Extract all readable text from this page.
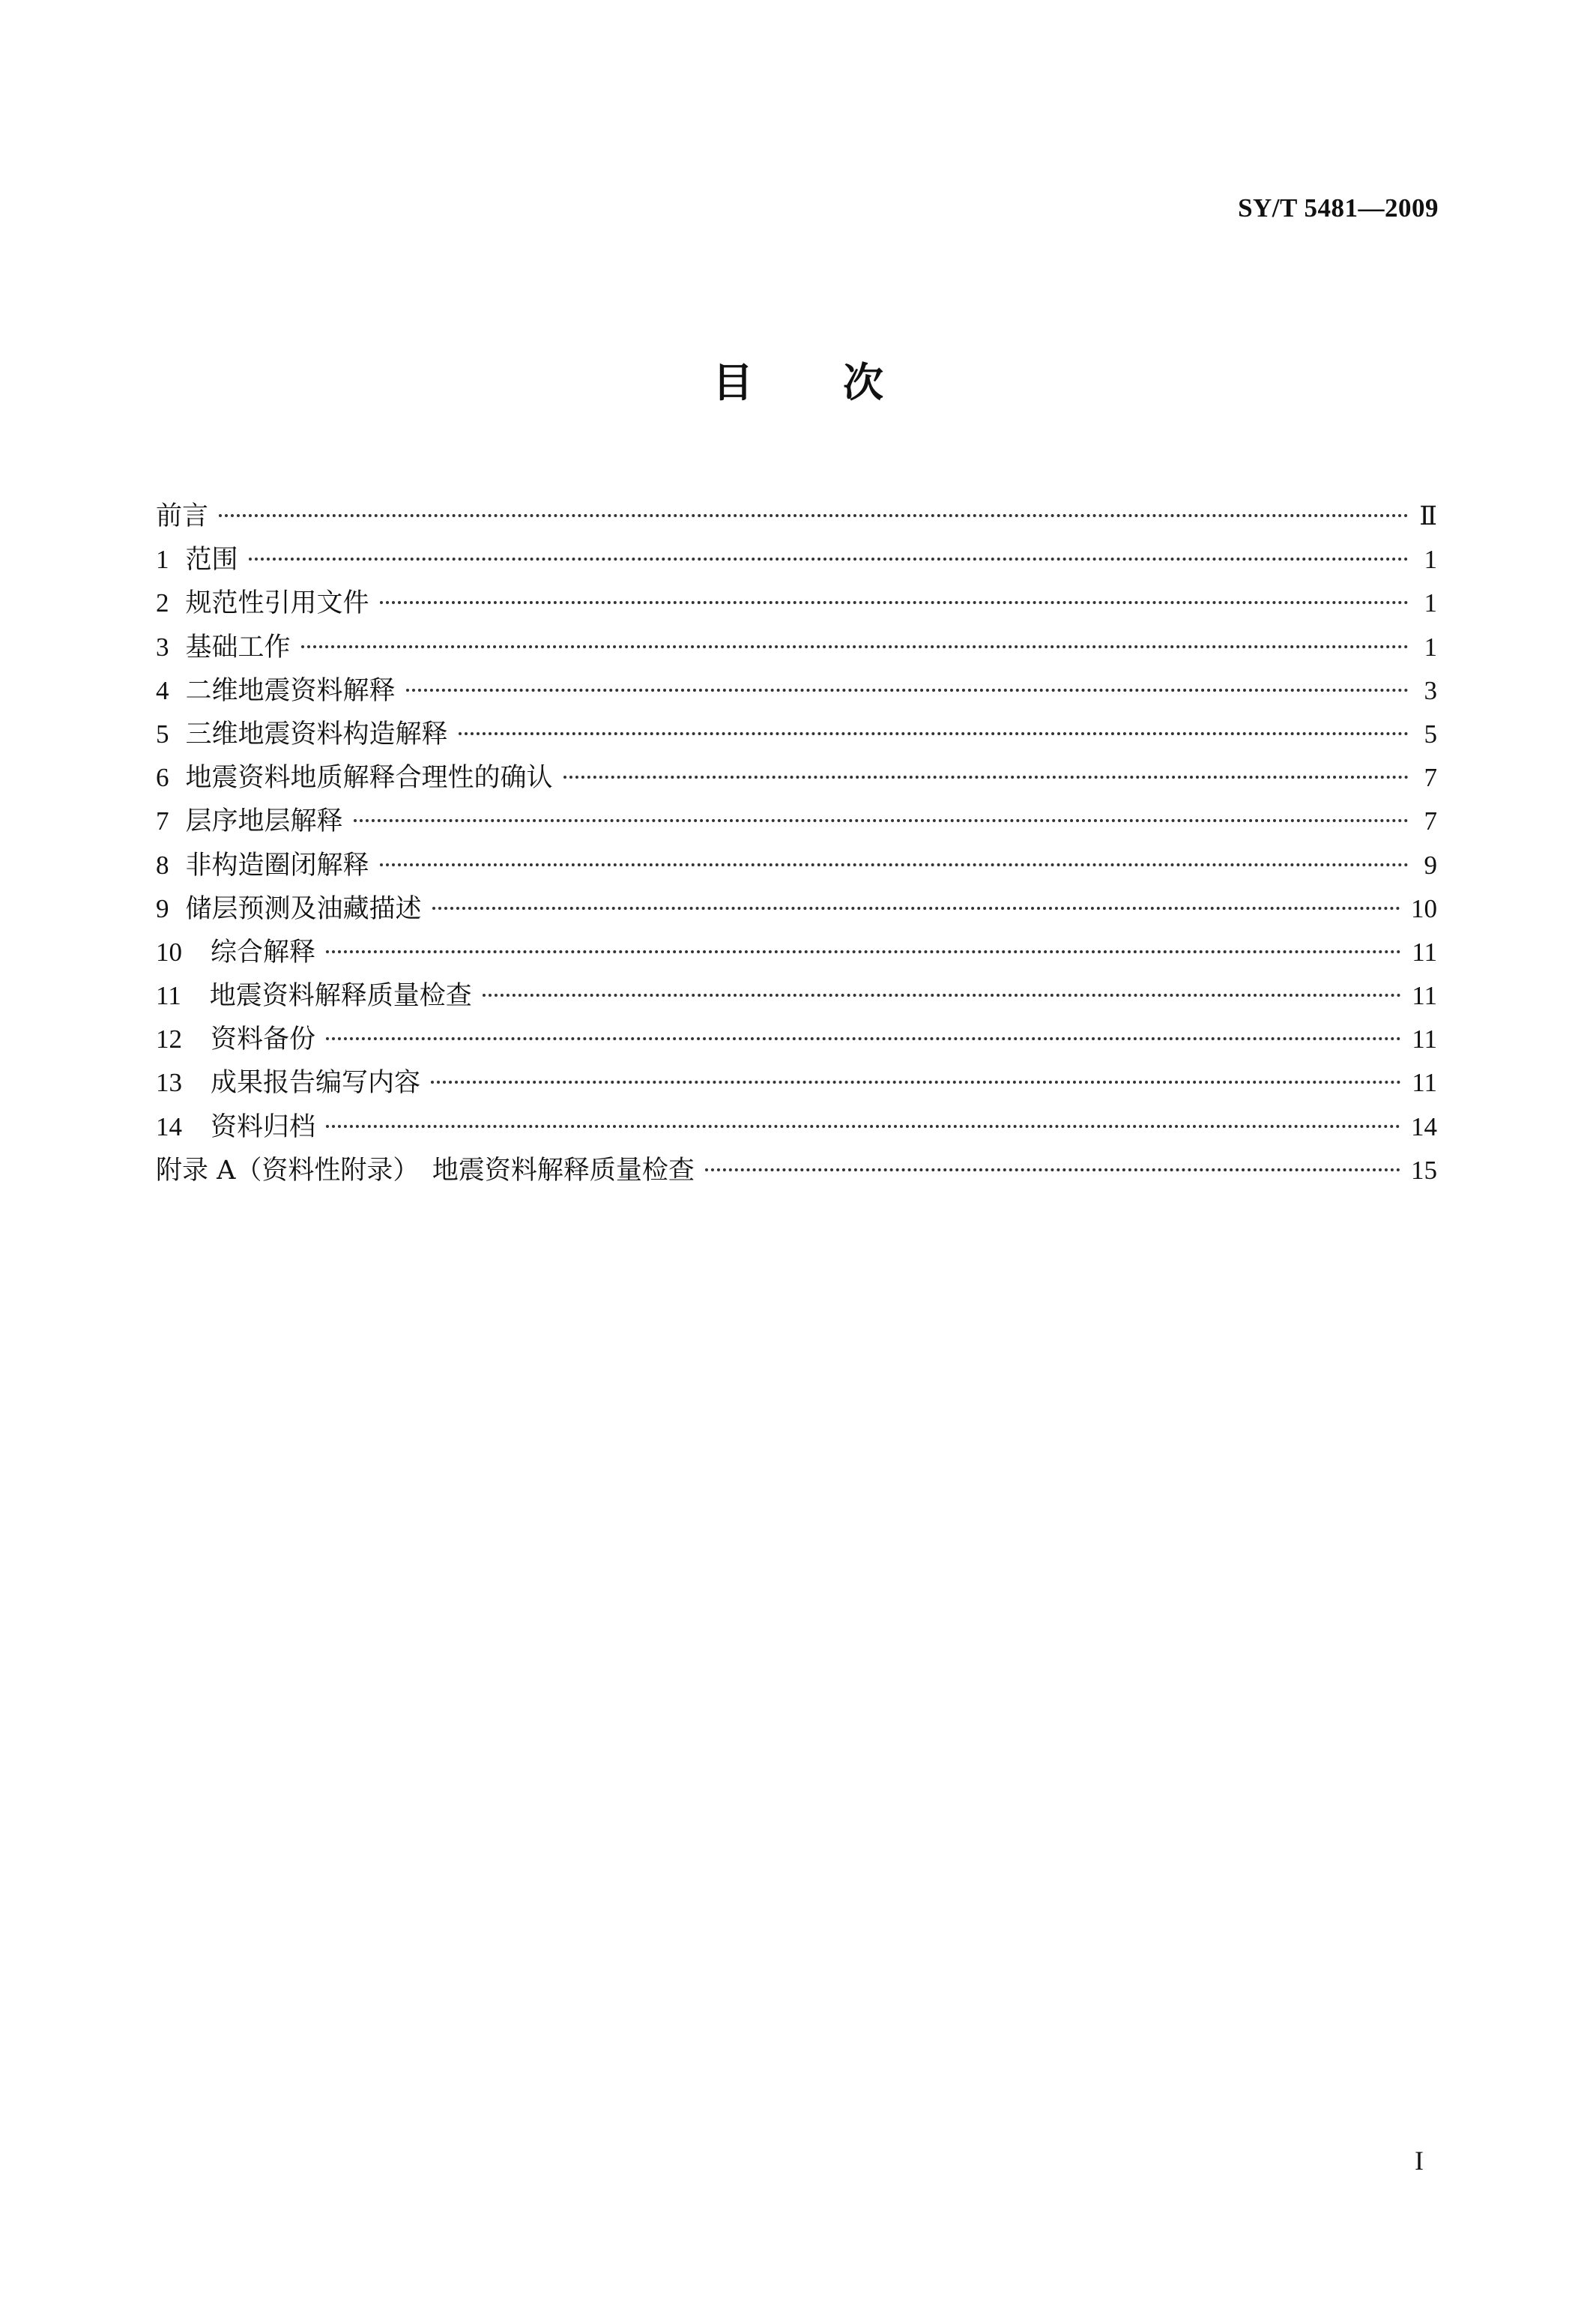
SY/T 5481—2009
目 次
前言	Ⅱ
1 范围	1
2 规范性引用文件	1
3 基础工作	1
4 二维地震资料解释	3
5 三维地震资料构造解释	5
6 地震资料地质解释合理性的确认	7
7 层序地层解释	7
8 非构造圈闭解释	9
9 储层预测及油藏描述	10
10 综合解释	11
11 地震资料解释质量检查	11
12 资料备份	11
13 成果报告编写内容	11
14 资料归档	14
附录 A（资料性附录）　地震资料解释质量检查	15
I
